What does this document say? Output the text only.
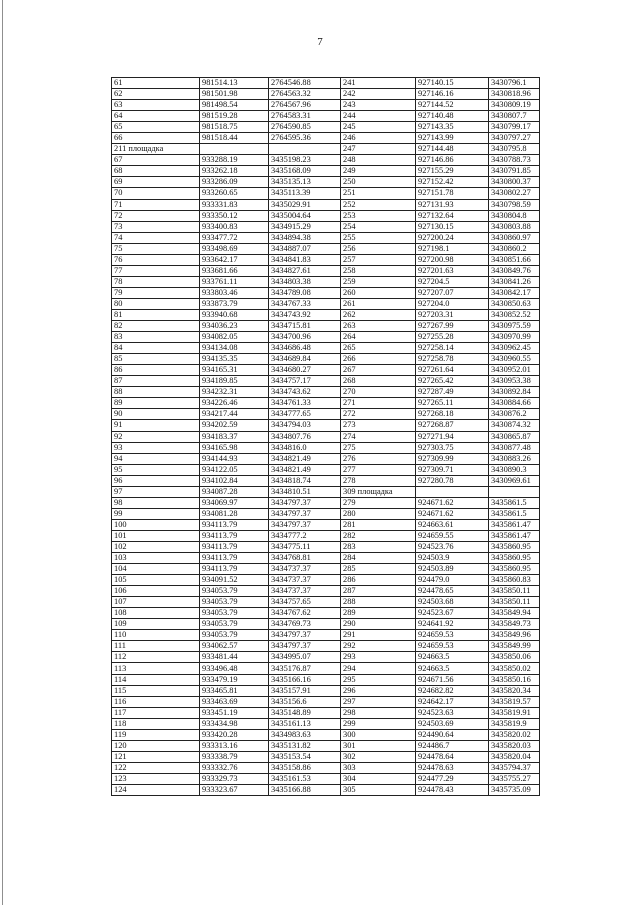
7
61	981514.13	2764546.88	241	927140.15	3430796.1
62	981501.98	2764563.32	242	927146.16	3430818.96
63	981498.54	2764567.96	243	927144.52	3430809.19
64	981519.28	2764583.31	244	927140.48	3430807.7
65	981518.75	2764590.85	245	927143.35	3430799.17
66	981518.44	2764595.36	246	927143.99	3430797.27
211 площадка			247	927144.48	3430795.8
67	933288.19	3435198.23	248	927146.86	3430788.73
68	933262.18	3435168.09	249	927155.29	3430791.85
69	933286.09	3435135.13	250	927152.42	3430800.37
70	933260.65	3435113.39	251	927151.78	3430802.27
71	933331.83	3435029.91	252	927131.93	3430798.59
72	933350.12	3435004.64	253	927132.64	3430804.8
73	933400.83	3434915.29	254	927130.15	3430803.88
74	933477.72	3434894.38	255	927200.24	3430860.97
75	933498.69	3434887.07	256	927198.1	3430860.2
76	933642.17	3434841.83	257	927200.98	3430851.66
77	933681.66	3434827.61	258	927201.63	3430849.76
78	933761.11	3434803.38	259	927204.5	3430841.26
79	933803.46	3434789.08	260	927207.07	3430842.17
80	933873.79	3434767.33	261	927204.0	3430850.63
81	933940.68	3434743.92	262	927203.31	3430852.52
82	934036.23	3434715.81	263	927267.99	3430975.59
83	934082.05	3434700.96	264	927255.28	3430970.99
84	934134.08	3434686.48	265	927258.14	3430962.45
85	934135.35	3434689.84	266	927258.78	3430960.55
86	934165.31	3434680.27	267	927261.64	3430952.01
87	934189.85	3434757.17	268	927265.42	3430953.38
88	934232.31	3434743.62	270	927287.49	3430892.84
89	934226.46	3434761.33	271	927265.11	3430884.66
90	934217.44	3434777.65	272	927268.18	3430876.2
91	934202.59	3434794.03	273	927268.87	3430874.32
92	934183.37	3434807.76	274	927271.94	3430865.87
93	934165.98	3434816.0	275	927303.75	3430877.48
94	934144.93	3434821.49	276	927309.99	3430883.26
95	934122.05	3434821.49	277	927309.71	3430890.3
96	934102.84	3434818.74	278	927280.78	3430969.61
97	934087.28	3434810.51	309 площадка		
98	934069.97	3434797.37	279	924671.62	3435861.5
99	934081.28	3434797.37	280	924671.62	3435861.5
100	934113.79	3434797.37	281	924663.61	3435861.47
101	934113.79	3434777.2	282	924659.55	3435861.47
102	934113.79	3434775.11	283	924523.76	3435860.95
103	934113.79	3434768.81	284	924503.9	3435860.95
104	934113.79	3434737.37	285	924503.89	3435860.95
105	934091.52	3434737.37	286	924479.0	3435860.83
106	934053.79	3434737.37	287	924478.65	3435850.11
107	934053.79	3434757.65	288	924503.68	3435850.11
108	934053.79	3434767.62	289	924523.67	3435849.94
109	934053.79	3434769.73	290	924641.92	3435849.73
110	934053.79	3434797.37	291	924659.53	3435849.96
111	934062.57	3434797.37	292	924659.53	3435849.99
112	933481.44	3434995.07	293	924663.5	3435850.06
113	933496.48	3435176.87	294	924663.5	3435850.02
114	933479.19	3435166.16	295	924671.56	3435850.16
115	933465.81	3435157.91	296	924682.82	3435820.34
116	933463.69	3435156.6	297	924642.17	3435819.57
117	933451.19	3435148.89	298	924523.63	3435819.91
118	933434.98	3435161.13	299	924503.69	3435819.9
119	933420.28	3434983.63	300	924490.64	3435820.02
120	933313.16	3435131.82	301	924486.7	3435820.03
121	933338.79	3435153.54	302	924478.64	3435820.04
122	933332.76	3435158.86	303	924478.63	3435794.37
123	933329.73	3435161.53	304	924477.29	3435755.27
124	933323.67	3435166.88	305	924478.43	3435735.09
